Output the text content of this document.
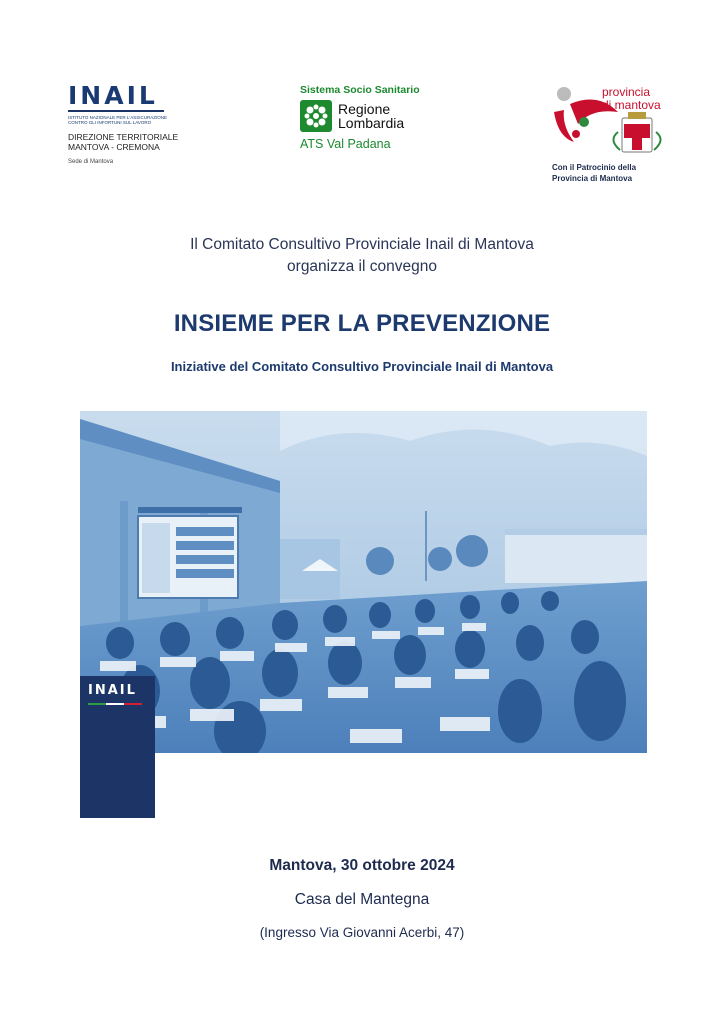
INAIL
ISTITUTO NAZIONALE PER L'ASSICURAZIONE CONTRO GLI INFORTUNI SUL LAVORO
DIREZIONE TERRITORIALE
MANTOVA - CREMONA
Sede di Mantova
Sistema Socio Sanitario
Regione
Lombardia
ATS Val Padana
provincia
di mantova
Con il Patrocinio della
Provincia di Mantova
Il Comitato Consultivo Provinciale Inail di Mantova
organizza il convegno
INSIEME PER LA PREVENZIONE
Iniziative del Comitato Consultivo Provinciale Inail di Mantova
INAIL
Mantova, 30 ottobre 2024
Casa del Mantegna
(Ingresso Via Giovanni Acerbi, 47)
